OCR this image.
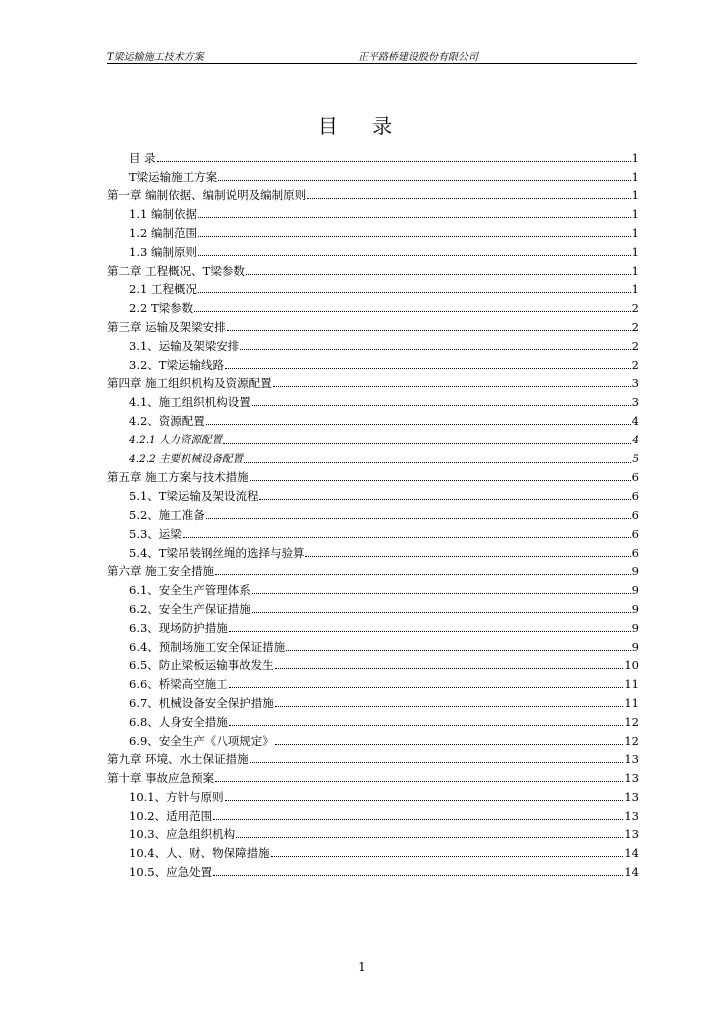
T梁运输施工技术方案	正平路桥建设股份有限公司
目 录
目 录	1
T梁运输施工方案	1
第一章 编制依据、编制说明及编制原则	1
1.1 编制依据	1
1.2 编制范围	1
1.3 编制原则	1
第二章 工程概况、T梁参数	1
2.1 工程概况	1
2.2 T梁参数	2
第三章 运输及架梁安排	2
3.1、运输及架梁安排	2
3.2、T梁运输线路	2
第四章 施工组织机构及资源配置	3
4.1、施工组织机构设置	3
4.2、资源配置	4
4.2.1 人力资源配置	4
4.2.2 主要机械设备配置	5
第五章 施工方案与技术措施	6
5.1、T梁运输及架设流程	6
5.2、施工准备	6
5.3、运梁	6
5.4、T梁吊装钢丝绳的选择与验算	6
第六章 施工安全措施	9
6.1、安全生产管理体系	9
6.2、安全生产保证措施	9
6.3、现场防护措施	9
6.4、预制场施工安全保证措施	9
6.5、防止梁板运输事故发生	10
6.6、桥梁高空施工	11
6.7、机械设备安全保护措施	11
6.8、人身安全措施	12
6.9、安全生产《八项规定》	12
第九章 环境、水土保证措施	13
第十章 事故应急预案	13
10.1、方针与原则	13
10.2、适用范围	13
10.3、应急组织机构	13
10.4、人、财、物保障措施	14
10.5、应急处置	14
1
